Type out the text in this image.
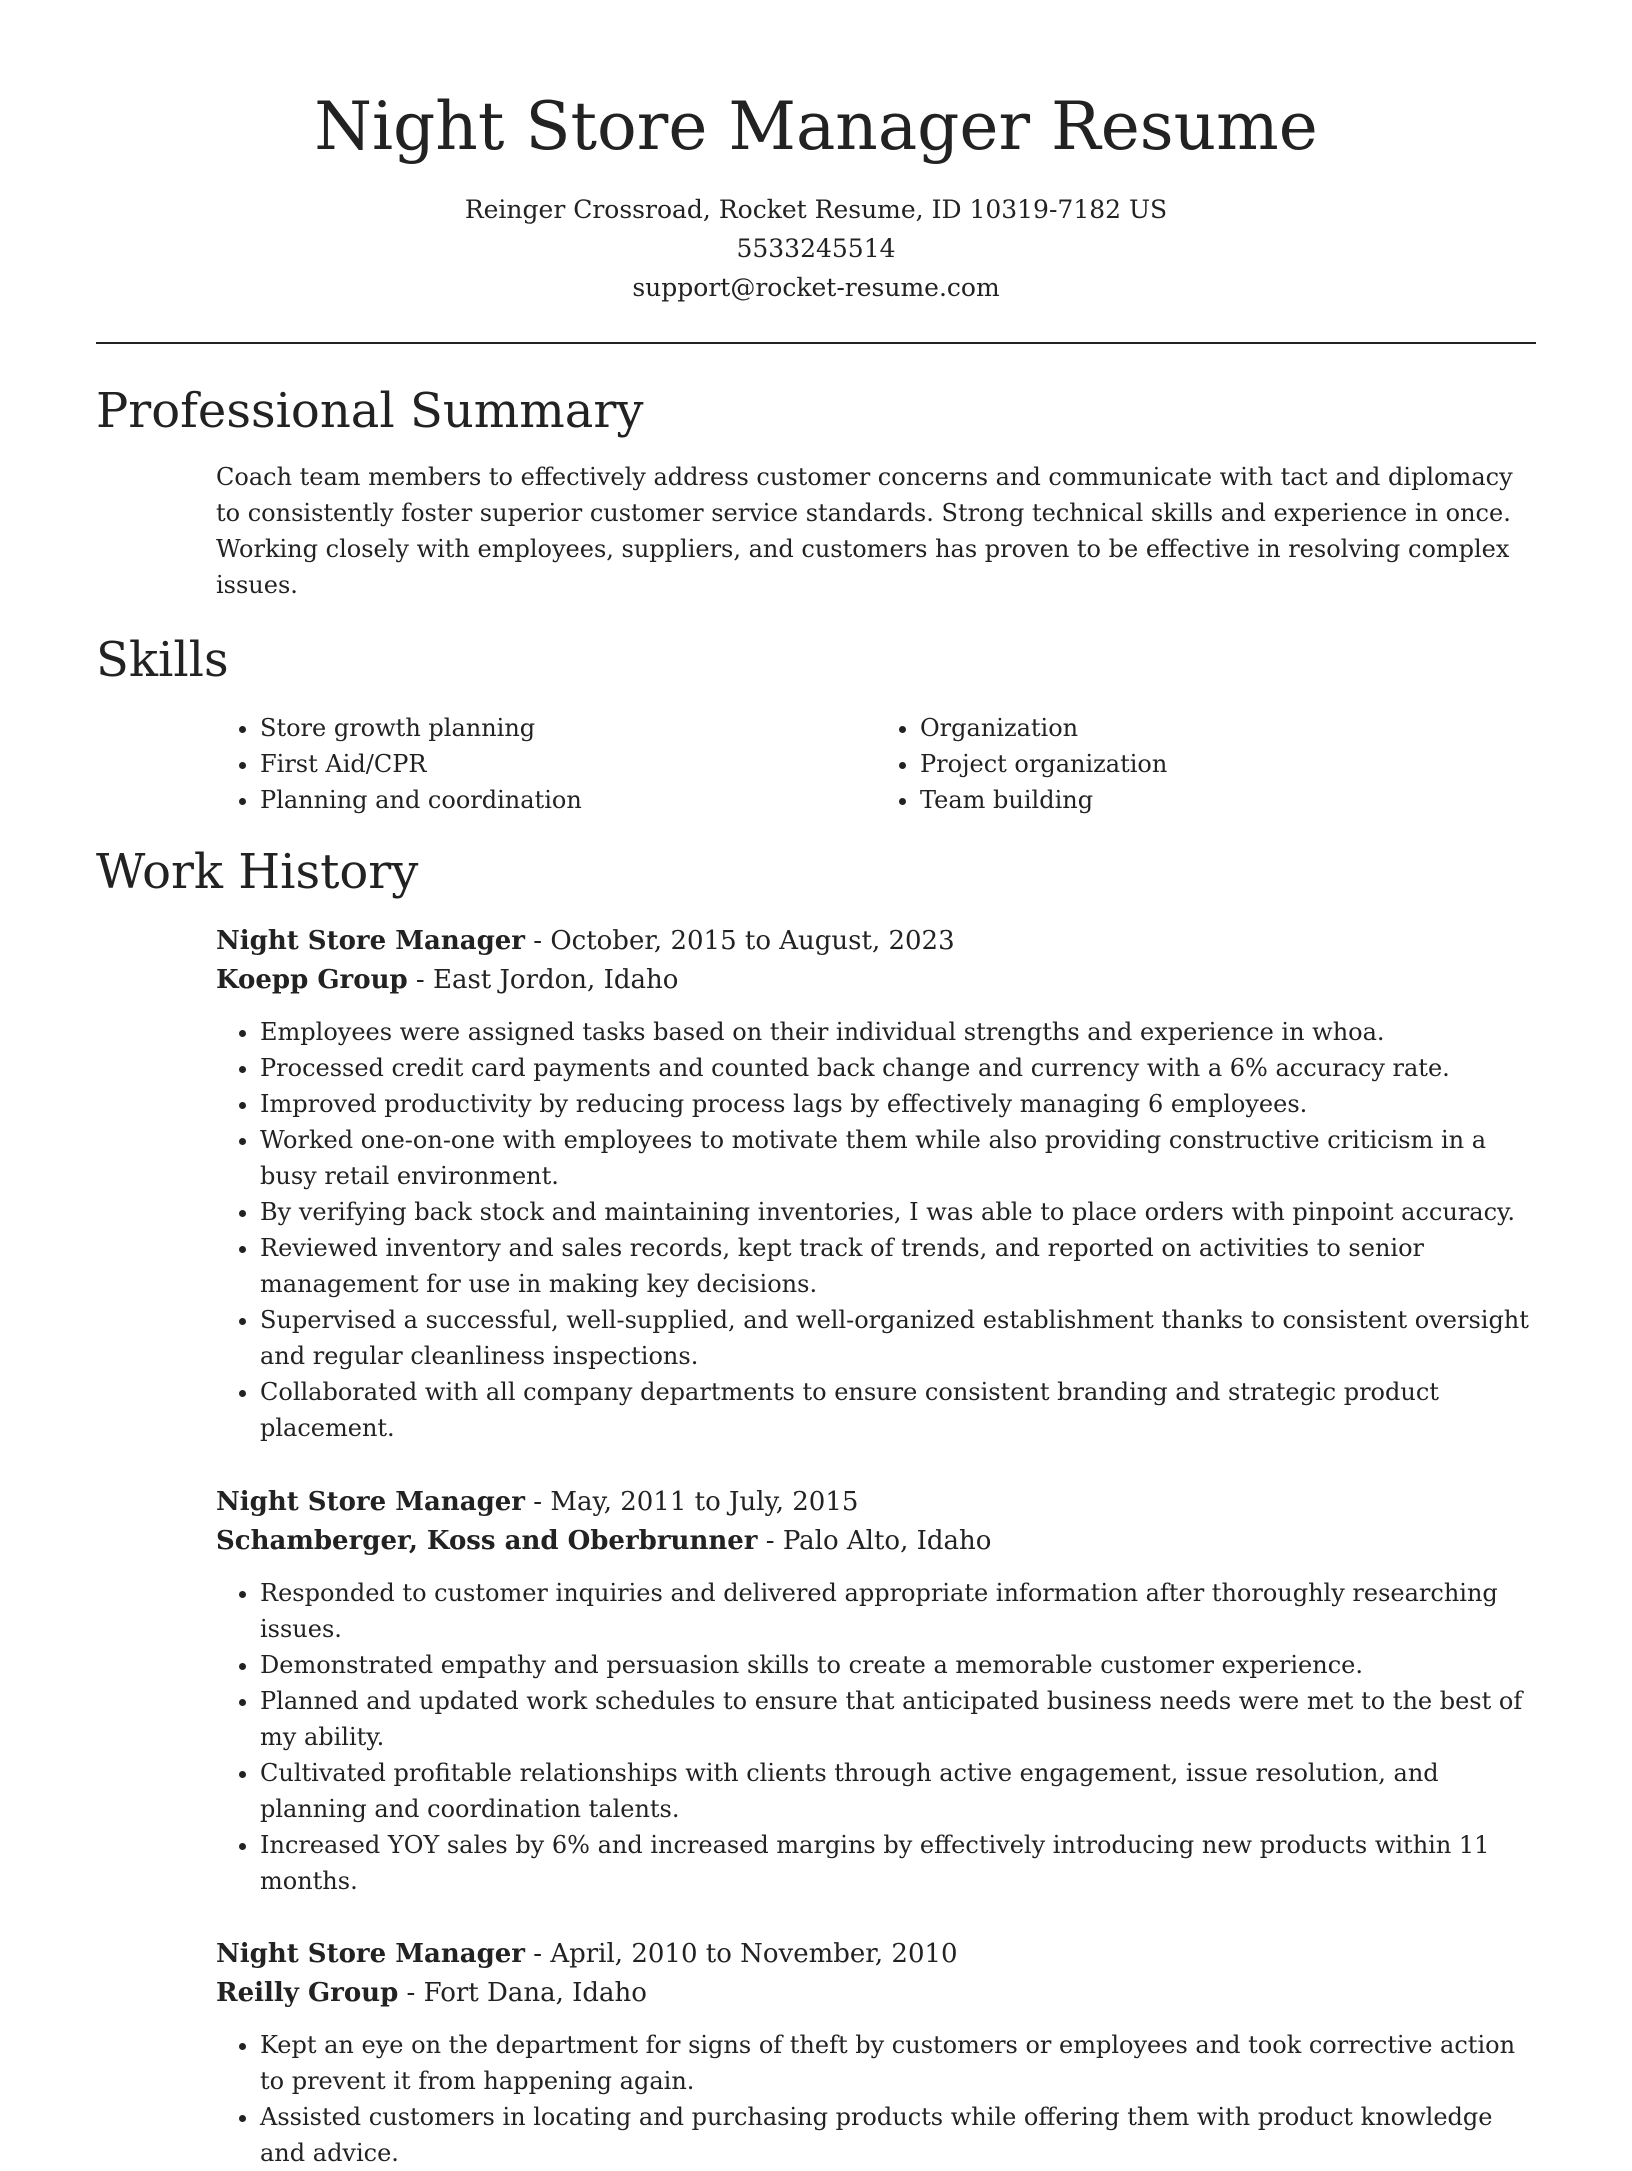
Night Store Manager Resume
Reinger Crossroad, Rocket Resume, ID 10319-7182 US
5533245514
support@rocket-resume.com
Professional Summary

Coach team members to effectively address customer concerns and communicate with tact and diplomacy to consistently foster superior customer service standards. Strong technical skills and experience in once. Working closely with employees, suppliers, and customers has proven to be effective in resolving complex issues.

Skills
• Store growth planning
• First Aid/CPR
• Planning and coordination
• Organization
• Project organization
• Team building
Work History

Night Store Manager - October, 2015 to August, 2023

Koepp Group - East Jordon, Idaho

• Employees were assigned tasks based on their individual strengths and experience in whoa.
• Processed credit card payments and counted back change and currency with a 6% accuracy rate.
• Improved productivity by reducing process lags by effectively managing 6 employees.
• Worked one-on-one with employees to motivate them while also providing constructive criticism in a busy retail environment.
• By verifying back stock and maintaining inventories, I was able to place orders with pinpoint accuracy.
• Reviewed inventory and sales records, kept track of trends, and reported on activities to senior management for use in making key decisions.
• Supervised a successful, well-supplied, and well-organized establishment thanks to consistent oversight and regular cleanliness inspections.
• Collaborated with all company departments to ensure consistent branding and strategic product placement.

Night Store Manager - May, 2011 to July, 2015

Schamberger, Koss and Oberbrunner - Palo Alto, Idaho

• Responded to customer inquiries and delivered appropriate information after thoroughly researching issues.
• Demonstrated empathy and persuasion skills to create a memorable customer experience.
• Planned and updated work schedules to ensure that anticipated business needs were met to the best of my ability.
• Cultivated profitable relationships with clients through active engagement, issue resolution, and planning and coordination talents.
• Increased YOY sales by 6% and increased margins by effectively introducing new products within 11 months.

Night Store Manager - April, 2010 to November, 2010

Reilly Group - Fort Dana, Idaho

• Kept an eye on the department for signs of theft by customers or employees and took corrective action to prevent it from happening again.
• Assisted customers in locating and purchasing products while offering them with product knowledge and advice.
